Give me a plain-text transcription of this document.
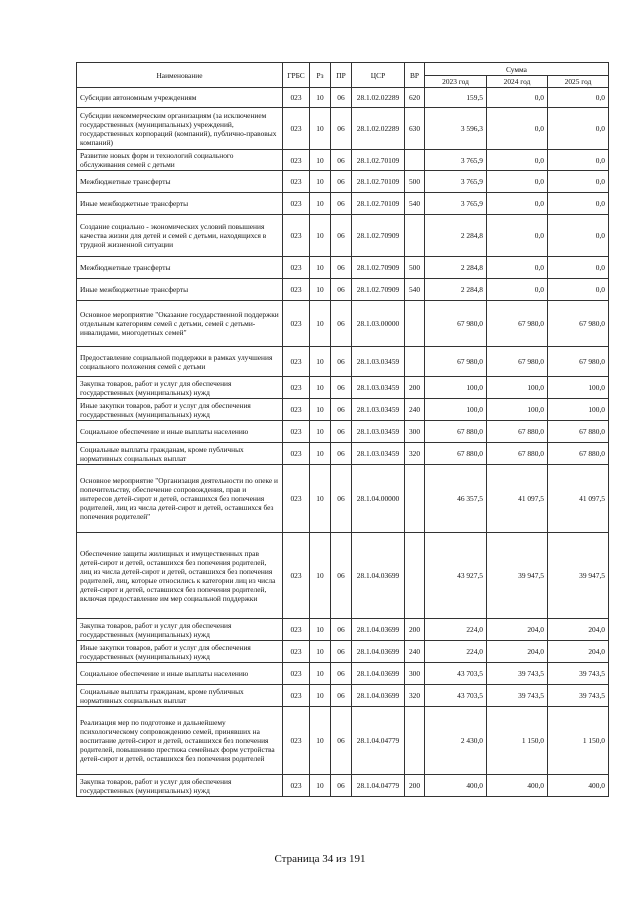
Наименование	ГРБС	Рз	ПР	ЦСР	ВР	Сумма		
						2023 год	2024 год	2025 год
Субсидии автономным учреждениям	023	10	06	28.1.02.02289	620	159,5	0,0	0,0
Субсидии некоммерческим организациям (за исключением государственных (муниципальных) учреждений, государственных корпораций (компаний), публично-правовых компаний)	023	10	06	28.1.02.02289	630	3 596,3	0,0	0,0
Развитие новых форм и технологий социального обслуживания семей с детьми	023	10	06	28.1.02.70109		3 765,9	0,0	0,0
Межбюджетные трансферты	023	10	06	28.1.02.70109	500	3 765,9	0,0	0,0
Иные межбюджетные трансферты	023	10	06	28.1.02.70109	540	3 765,9	0,0	0,0
Создание социально - экономических условий повышения качества жизни для детей и семей с детьми, находящихся в трудной жизненной ситуации	023	10	06	28.1.02.70909		2 284,8	0,0	0,0
Межбюджетные трансферты	023	10	06	28.1.02.70909	500	2 284,8	0,0	0,0
Иные межбюджетные трансферты	023	10	06	28.1.02.70909	540	2 284,8	0,0	0,0
Основное мероприятие "Оказание государственной поддержки отдельным категориям семей с детьми, семей с детьми-инвалидами, многодетных семей"	023	10	06	28.1.03.00000		67 980,0	67 980,0	67 980,0
Предоставление социальной поддержки в рамках улучшения социального положения семей с детьми	023	10	06	28.1.03.03459		67 980,0	67 980,0	67 980,0
Закупка товаров, работ и услуг для обеспечения государственных (муниципальных) нужд	023	10	06	28.1.03.03459	200	100,0	100,0	100,0
Иные закупки товаров, работ и услуг для обеспечения государственных (муниципальных) нужд	023	10	06	28.1.03.03459	240	100,0	100,0	100,0
Социальное обеспечение и иные выплаты населению	023	10	06	28.1.03.03459	300	67 880,0	67 880,0	67 880,0
Социальные выплаты гражданам, кроме публичных нормативных социальных выплат	023	10	06	28.1.03.03459	320	67 880,0	67 880,0	67 880,0
Основное мероприятие "Организация деятельности по опеке и попечительству, обеспечение сопровождения, прав и интересов детей-сирот и детей, оставшихся без попечения родителей, лиц из числа детей-сирот и детей, оставшихся без попечения родителей"	023	10	06	28.1.04.00000		46 357,5	41 097,5	41 097,5
Обеспечение защиты жилищных и имущественных прав детей-сирот и детей, оставшихся без попечения родителей, лиц из числа детей-сирот и детей, оставшихся без попечения родителей, лиц, которые относились к категории лиц из числа детей-сирот и детей, оставшихся без попечения родителей, включая предоставление им мер социальной поддержки	023	10	06	28.1.04.03699		43 927,5	39 947,5	39 947,5
Закупка товаров, работ и услуг для обеспечения государственных (муниципальных) нужд	023	10	06	28.1.04.03699	200	224,0	204,0	204,0
Иные закупки товаров, работ и услуг для обеспечения государственных (муниципальных) нужд	023	10	06	28.1.04.03699	240	224,0	204,0	204,0
Социальное обеспечение и иные выплаты населению	023	10	06	28.1.04.03699	300	43 703,5	39 743,5	39 743,5
Социальные выплаты гражданам, кроме публичных нормативных социальных выплат	023	10	06	28.1.04.03699	320	43 703,5	39 743,5	39 743,5
Реализация мер по подготовке и дальнейшему психологическому сопровождению семей, принявших на воспитание детей-сирот и детей, оставшихся без попечения родителей, повышению престижа семейных форм устройства детей-сирот и детей, оставшихся без попечения родителей	023	10	06	28.1.04.04779		2 430,0	1 150,0	1 150,0
Закупка товаров, работ и услуг для обеспечения государственных (муниципальных) нужд	023	10	06	28.1.04.04779	200	400,0	400,0	400,0
Страница 34 из 191
